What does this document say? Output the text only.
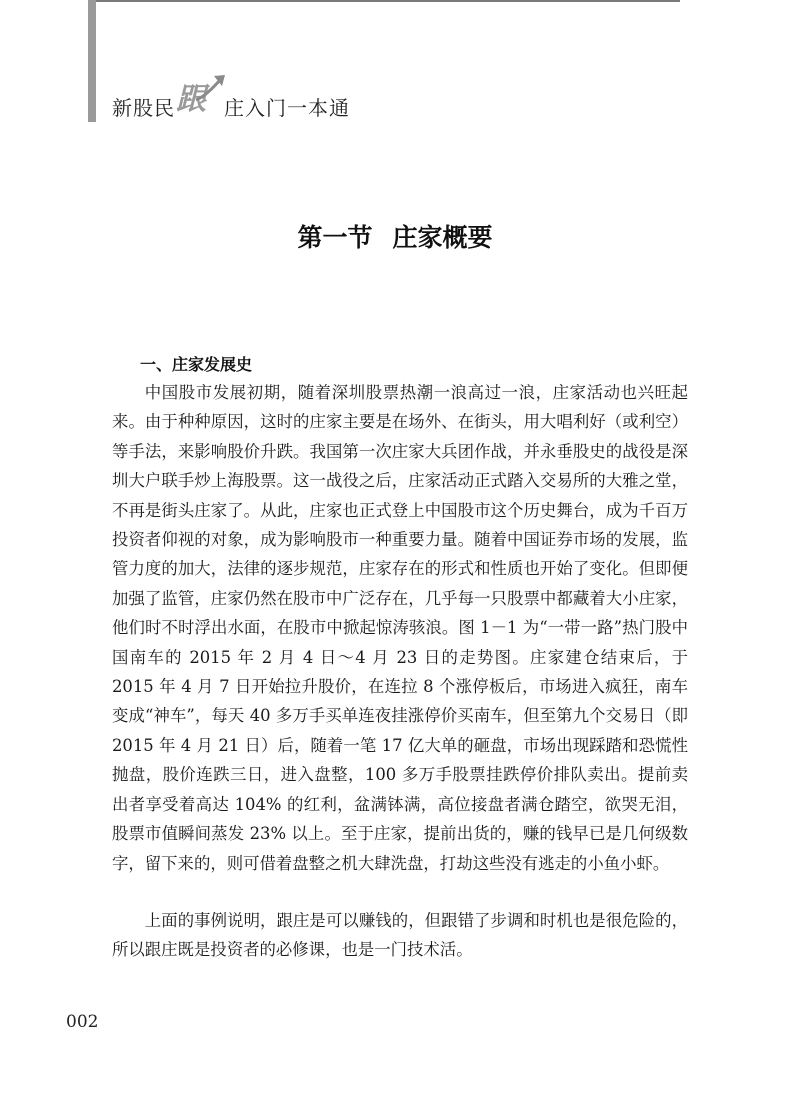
新股民 跟 庄入门一本通
第一节 庄家概要
一、庄家发展史

中国股市发展初期，随着深圳股票热潮一浪高过一浪，庄家活动也兴旺起来。由于种种原因，这时的庄家主要是在场外、在街头，用大唱利好（或利空）等手法，来影响股价升跌。我国第一次庄家大兵团作战，并永垂股史的战役是深圳大户联手炒上海股票。这一战役之后，庄家活动正式踏入交易所的大雅之堂，不再是街头庄家了。从此，庄家也正式登上中国股市这个历史舞台，成为千百万投资者仰视的对象，成为影响股市一种重要力量。随着中国证券市场的发展，监管力度的加大，法律的逐步规范，庄家存在的形式和性质也开始了变化。但即便加强了监管，庄家仍然在股市中广泛存在，几乎每一只股票中都藏着大小庄家，他们时不时浮出水面，在股市中掀起惊涛骇浪。图 1－1 为“一带一路”热门股中国南车的 2015 年 2 月 4 日～4 月 23 日的走势图。庄家建仓结束后，于 2015 年 4 月 7 日开始拉升股价，在连拉 8 个涨停板后，市场进入疯狂，南车变成“神车”，每天 40 多万手买单连夜挂涨停价买南车，但至第九个交易日（即 2015 年 4 月 21 日）后，随着一笔 17 亿大单的砸盘，市场出现踩踏和恐慌性抛盘，股价连跌三日，进入盘整，100 多万手股票挂跌停价排队卖出。提前卖出者享受着高达 104% 的红利，盆满钵满，高位接盘者满仓踏空，欲哭无泪，股票市值瞬间蒸发 23% 以上。至于庄家，提前出货的，赚的钱早已是几何级数字，留下来的，则可借着盘整之机大肆洗盘，打劫这些没有逃走的小鱼小虾。

上面的事例说明，跟庄是可以赚钱的，但跟错了步调和时机也是很危险的，所以跟庄既是投资者的必修课，也是一门技术活。

002
